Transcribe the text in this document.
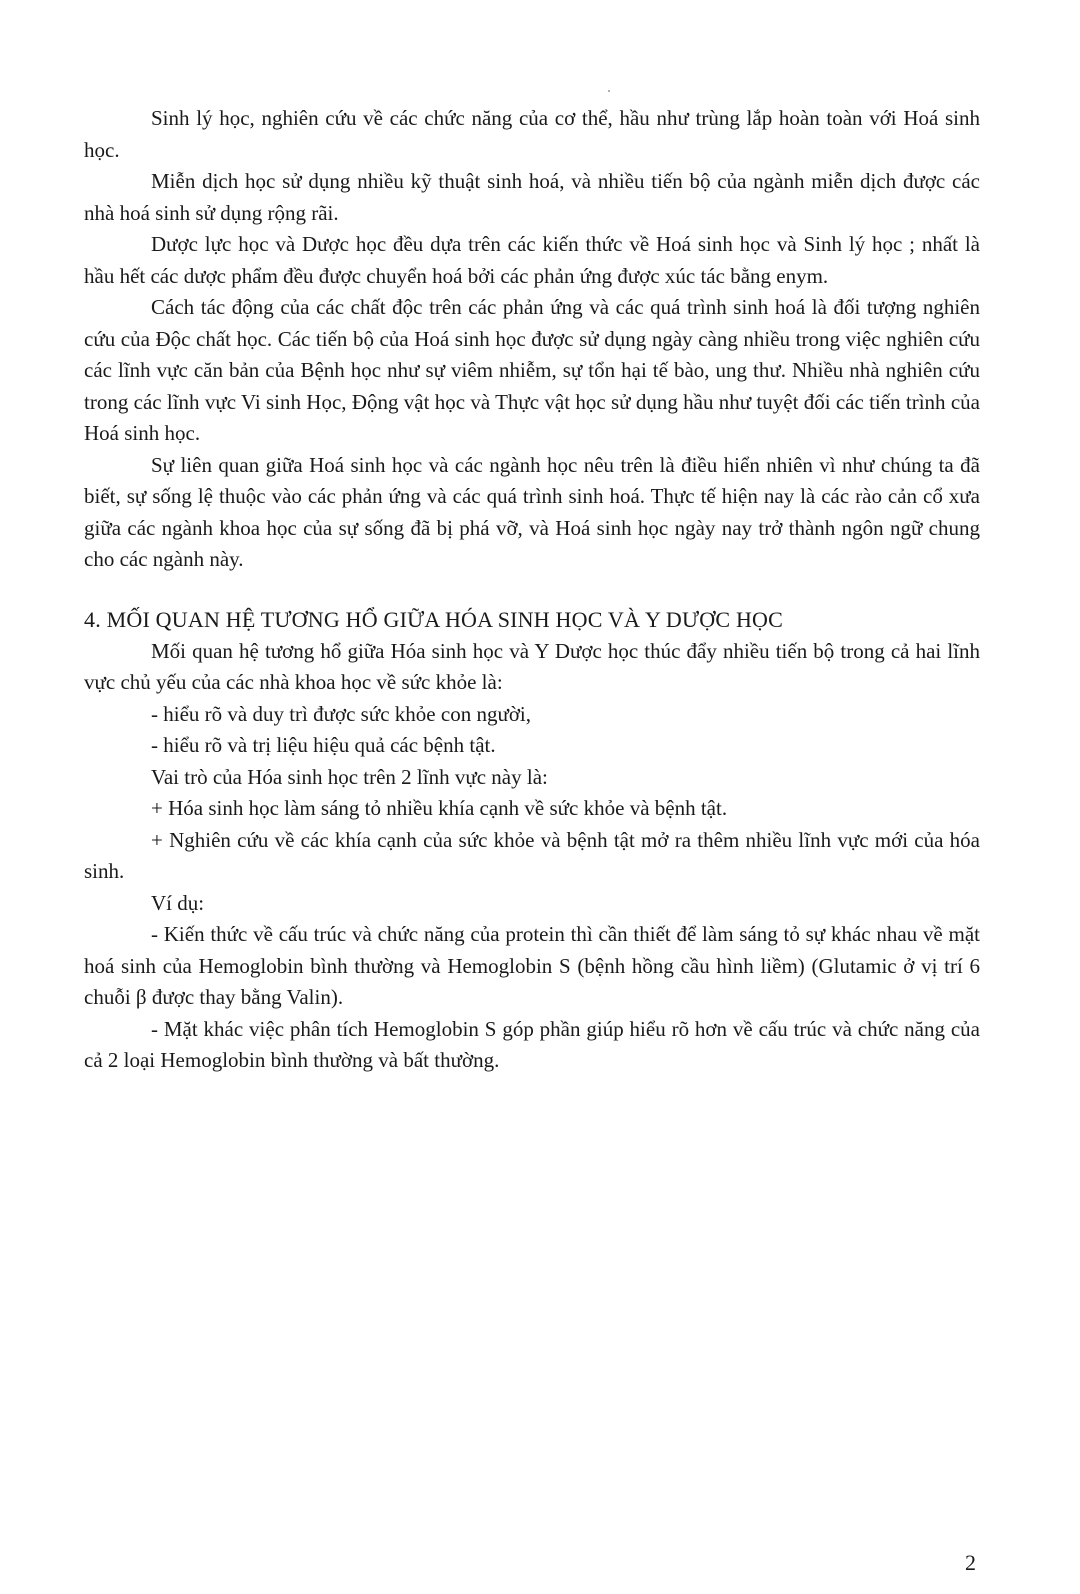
Sinh lý học, nghiên cứu về các chức năng của cơ thể, hầu như trùng lắp hoàn toàn với Hoá sinh học.

Miễn dịch học sử dụng nhiều kỹ thuật sinh hoá, và nhiều tiến bộ của ngành miễn dịch được các nhà hoá sinh sử dụng rộng rãi.

Dược lực học và Dược học đều dựa trên các kiến thức về Hoá sinh học và Sinh lý học ; nhất là hầu hết các dược phẩm đều được chuyển hoá bởi các phản ứng được xúc tác bằng enym.

Cách tác động của các chất độc trên các phản ứng và các quá trình sinh hoá là đối tượng nghiên cứu của Độc chất học. Các tiến bộ của Hoá sinh học được sử dụng ngày càng nhiều trong việc nghiên cứu các lĩnh vực căn bản của Bệnh học như sự viêm nhiễm, sự tổn hại tế bào, ung thư. Nhiều nhà nghiên cứu trong các lĩnh vực Vi sinh Học, Động vật học và Thực vật học sử dụng hầu như tuyệt đối các tiến trình của Hoá sinh học.

Sự liên quan giữa Hoá sinh học và các ngành học nêu trên là điều hiển nhiên vì như chúng ta đã biết, sự sống lệ thuộc vào các phản ứng và các quá trình sinh hoá. Thực tế hiện nay là các rào cản cổ xưa giữa các ngành khoa học của sự sống đã bị phá vỡ, và Hoá sinh học ngày nay trở thành ngôn ngữ chung cho các ngành này.

4. MỐI QUAN HỆ TƯƠNG HỔ GIỮA HÓA SINH HỌC VÀ Y DƯỢC HỌC

Mối quan hệ tương hổ giữa Hóa sinh học và Y Dược học thúc đẩy nhiều tiến bộ trong cả hai lĩnh vực chủ yếu của các nhà khoa học về sức khỏe là:

- hiểu rõ và duy trì được sức khỏe con người,

- hiểu rõ và trị liệu hiệu quả các bệnh tật.

Vai trò của Hóa sinh học trên 2 lĩnh vực này là:

+ Hóa sinh học làm sáng tỏ nhiều khía cạnh về sức khỏe và bệnh tật.

+ Nghiên cứu về các khía cạnh của sức khỏe và bệnh tật mở ra thêm nhiều lĩnh vực mới của hóa sinh.

Ví dụ:

- Kiến thức về cấu trúc và chức năng của protein thì cần thiết để làm sáng tỏ sự khác nhau về mặt hoá sinh của Hemoglobin bình thường và Hemoglobin S (bệnh hồng cầu hình liềm) (Glutamic ở vị trí 6 chuỗi β được thay bằng Valin).

- Mặt khác việc phân tích Hemoglobin S góp phần giúp hiểu rõ hơn về cấu trúc và chức năng của cả 2 loại Hemoglobin bình thường và bất thường.

2
